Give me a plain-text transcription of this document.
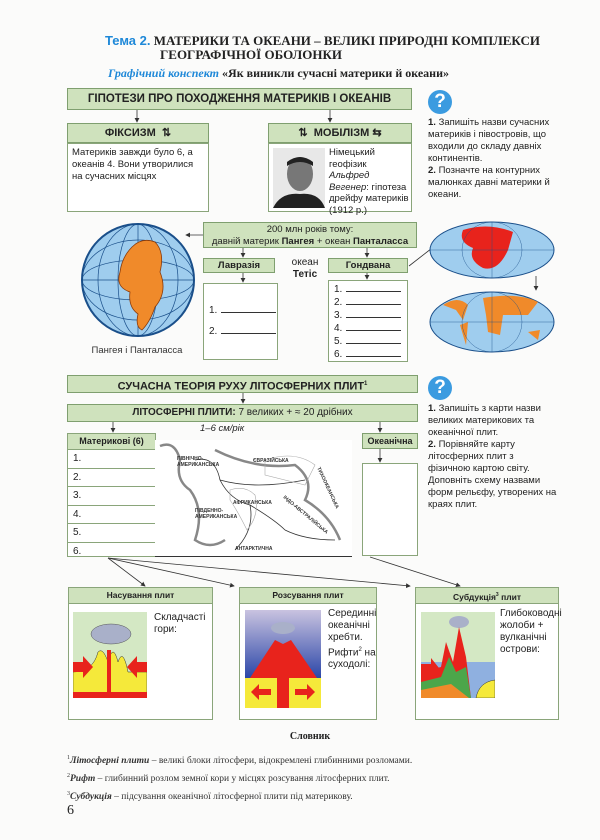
Тема 2. МАТЕРИКИ ТА ОКЕАНИ – ВЕЛИКІ ПРИРОДНІ КОМПЛЕКСИ
ГЕОГРАФІЧНОЇ ОБОЛОНКИ
Графічний конспект «Як виникли сучасні материки й океани»
ГІПОТЕЗИ ПРО ПОХОДЖЕННЯ МАТЕРИКІВ І ОКЕАНІВ
ФІКСИЗМ ⇅
Материків завжди було 6, а океанів 4. Вони утворилися на сучасних місцях
⇅ МОБІЛІЗМ ⇆
Німецький геофізик Альфред Вегенер: гіпотеза дрейфу материків (1912 р.)
?
1. Запишіть назви сучасних материків і півостровів, що входили до складу давніх континентів.
2. Позначте на контурних малюнках давні материки й океани.
Пангея і Панталасса
200 млн років тому:
давній материк Пангея + океан Панталасса
Лавразія	океан
Тетіс
Гондвана
1.
2.
1.
2.
3.
4.
5.
6.
СУЧАСНА ТЕОРІЯ РУХУ ЛІТОСФЕРНИХ ПЛИТ$^1$
ЛІТОСФЕРНІ ПЛИТИ: 7 великих + ≈ 20 дрібних
1–6 см/рік
Материкові (6)
1.
2.
3.
4.
5.
6.
ПІВНІЧНО-АМЕРИКАНСЬКА
ЄВРАЗІЙСЬКА
АФРИКАНСЬКА
ПІВДЕННО-АМЕРИКАНСЬКА	ІНДО-АВСТРАЛІЙСЬКА
ТИХООКЕАНСЬКА
АНТАРКТИЧНА
Океанічна
?
1. Запишіть з карти назви великих материкових та океанічної плит.
2. Порівняйте карту літосферних плит з фізичною картою світу. Доповніть схему назвами форм рельєфу, утворених на краях плит.
Насування плит
Складчасті гори:
Розсування плит
Серединні океанічні хребти. Рифти$^2$ на суходолі:
Субдукція$^3$ плит
Глибоководні жолоби + вулканічні острови:
Словник
$^1$Літосферні плити – великі блоки літосфери, відокремлені глибинними розломами.
$^2$Рифт – глибинний розлом земної кори у місцях розсування літосферних плит.
$^3$Субдукція – підсування океанічної літосферної плити під материкову.
6
